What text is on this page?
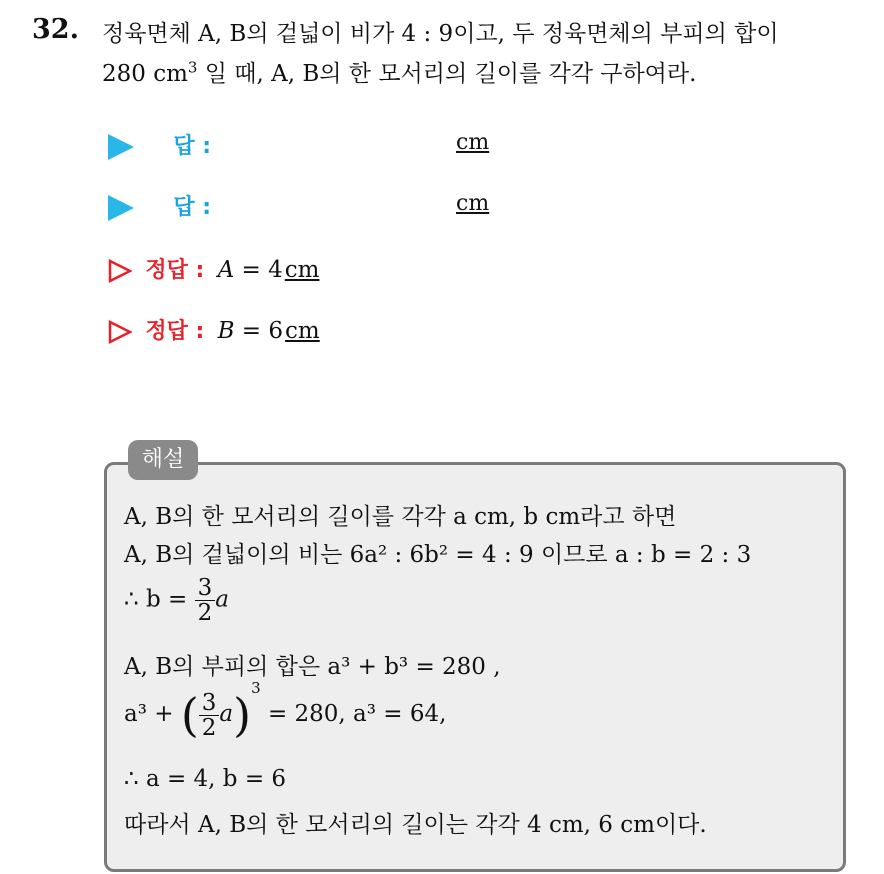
32. 정육면체 A, B의 겉넓이 비가 4 : 9이고, 두 정육면체의 부피의 합이
280 $cm^3$ 일 때, A, B의 한 모서리의 길이를 각각 구하여라.
답 :	cm
답 :	cm
정답 : A = 4cm
정답 : B = 6cm
해설
A, B의 한 모서리의 길이를 각각 a cm, b cm라고 하면
A, B의 겉넓이의 비는 6a² : 6b² = 4 : 9 이므로 a : b = 2 : 3
∴ $b = \frac{3}{2}$ a
A, B의 부피의 합은 a³ + b³ = 280 ,
a³ + ( $\frac{3}{2} a)^3 = 280$, a³ = 64,
∴ a = 4, b = 6
따라서 A, B의 한 모서리의 길이는 각각 4 cm, 6 cm이다.
